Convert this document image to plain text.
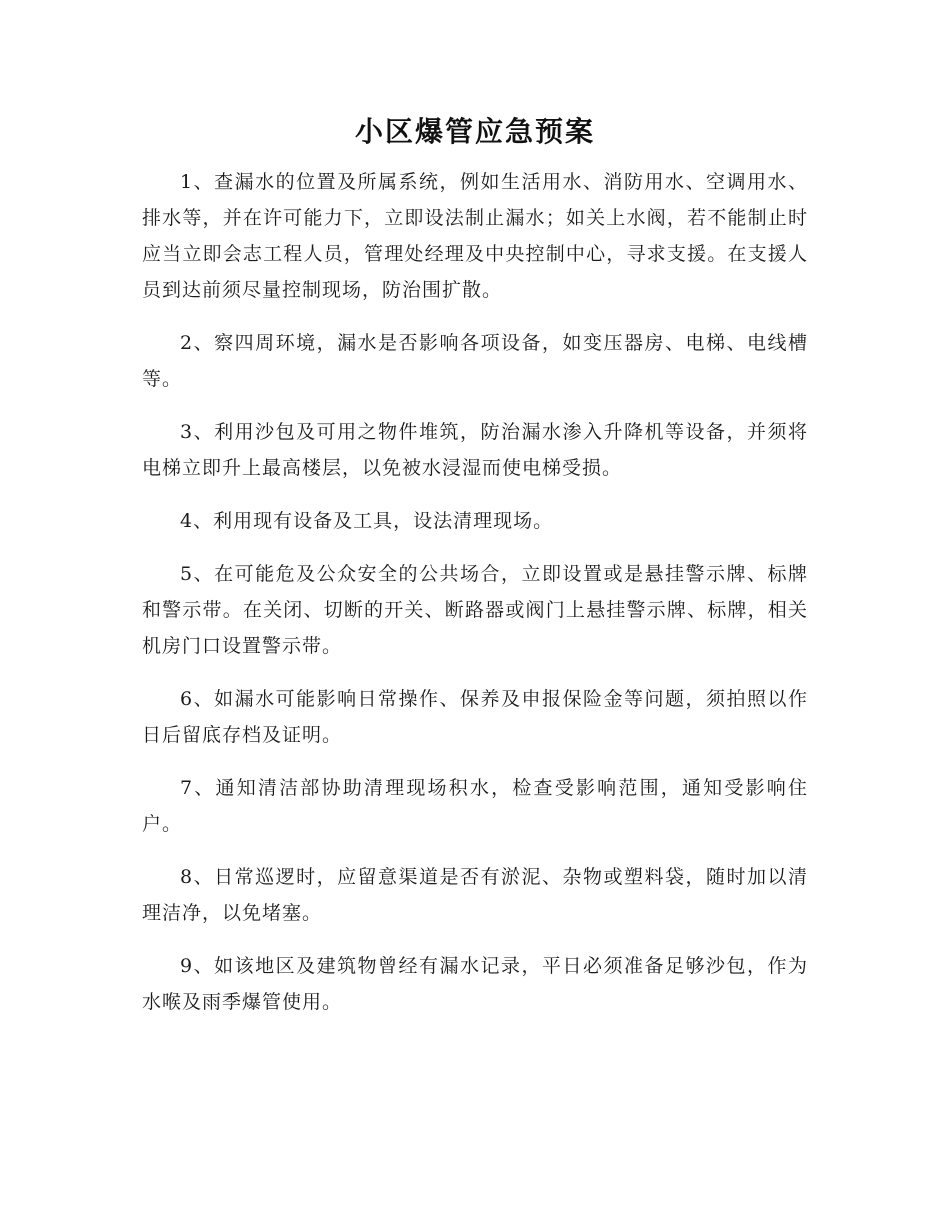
小区爆管应急预案

1、查漏水的位置及所属系统，例如生活用水、消防用水、空调用水、排水等，并在许可能力下，立即设法制止漏水；如关上水阀，若不能制止时应当立即会志工程人员，管理处经理及中央控制中心，寻求支援。在支援人员到达前须尽量控制现场，防治围扩散。

2、察四周环境，漏水是否影响各项设备，如变压器房、电梯、电线槽等。

3、利用沙包及可用之物件堆筑，防治漏水渗入升降机等设备，并须将电梯立即升上最高楼层，以免被水浸湿而使电梯受损。

4、利用现有设备及工具，设法清理现场。

5、在可能危及公众安全的公共场合，立即设置或是悬挂警示牌、标牌和警示带。在关闭、切断的开关、断路器或阀门上悬挂警示牌、标牌，相关机房门口设置警示带。

6、如漏水可能影响日常操作、保养及申报保险金等问题，须拍照以作日后留底存档及证明。

7、通知清洁部协助清理现场积水，检查受影响范围，通知受影响住户。

8、日常巡逻时，应留意渠道是否有淤泥、杂物或塑料袋，随时加以清理洁净，以免堵塞。

9、如该地区及建筑物曾经有漏水记录，平日必须准备足够沙包，作为水喉及雨季爆管使用。
